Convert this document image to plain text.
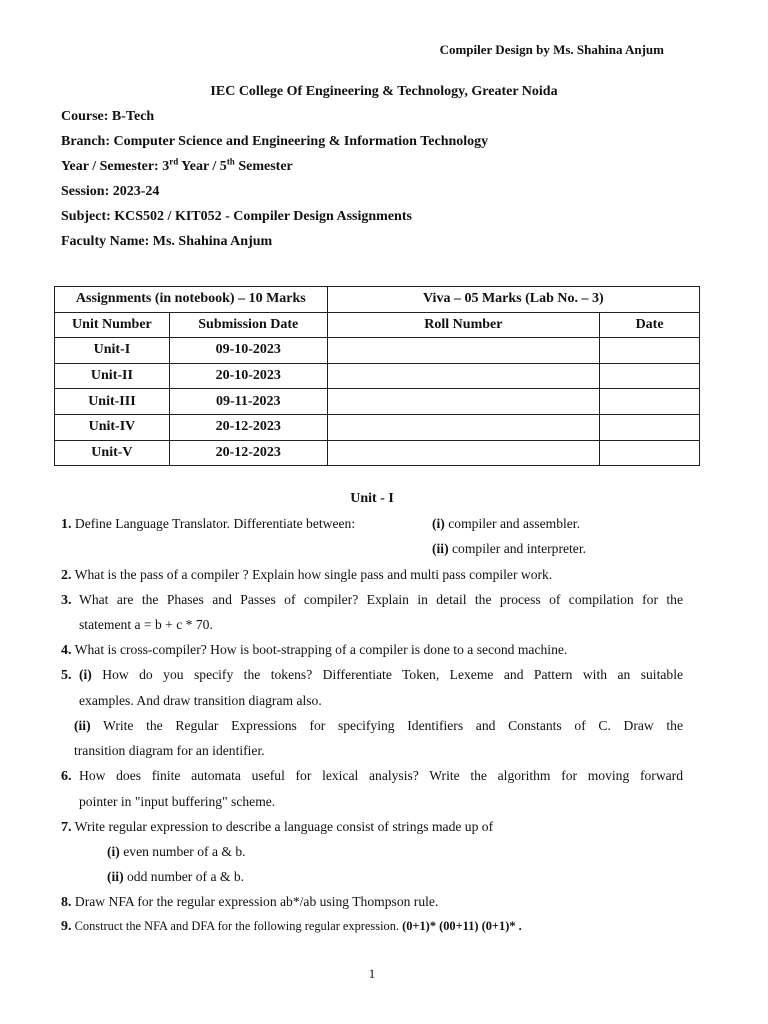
Compiler Design by Ms. Shahina Anjum
IEC College Of Engineering & Technology, Greater Noida
Course: B-Tech
Branch: Computer Science and Engineering & Information Technology
Year / Semester: 3rd Year / 5th Semester
Session: 2023-24
Subject: KCS502 / KIT052 - Compiler Design Assignments
Faculty Name: Ms. Shahina Anjum
Assignments (in notebook) – 10 Marks		Viva – 05 Marks (Lab No. – 3)	
Unit Number	Submission Date	Roll Number	Date
Unit-I	09-10-2023		
Unit-II	20-10-2023		
Unit-III	09-11-2023		
Unit-IV	20-12-2023		
Unit-V	20-12-2023		
Unit - I
1. Define Language Translator. Differentiate between:	(i) compiler and assembler.
(ii) compiler and interpreter.
2. What is the pass of a compiler ? Explain how single pass and multi pass compiler work.
3. What are the Phases and Passes of compiler? Explain in detail the process of compilation for the
statement a = b + c * 70.
4. What is cross-compiler? How is boot-strapping of a compiler is done to a second machine.
5. (i) How do you specify the tokens? Differentiate Token, Lexeme and Pattern with an suitable
examples. And draw transition diagram also.
(ii) Write the Regular Expressions for specifying Identifiers and Constants of C. Draw the
transition diagram for an identifier.
6. How does finite automata useful for lexical analysis? Write the algorithm for moving forward
pointer in "input buffering" scheme.
7. Write regular expression to describe a language consist of strings made up of
(i) even number of a & b.
(ii) odd number of a & b.
8. Draw NFA for the regular expression ab*/ab using Thompson rule.
9. Construct the NFA and DFA for the following regular expression. (0+1)* (00+11) (0+1)* .
1
